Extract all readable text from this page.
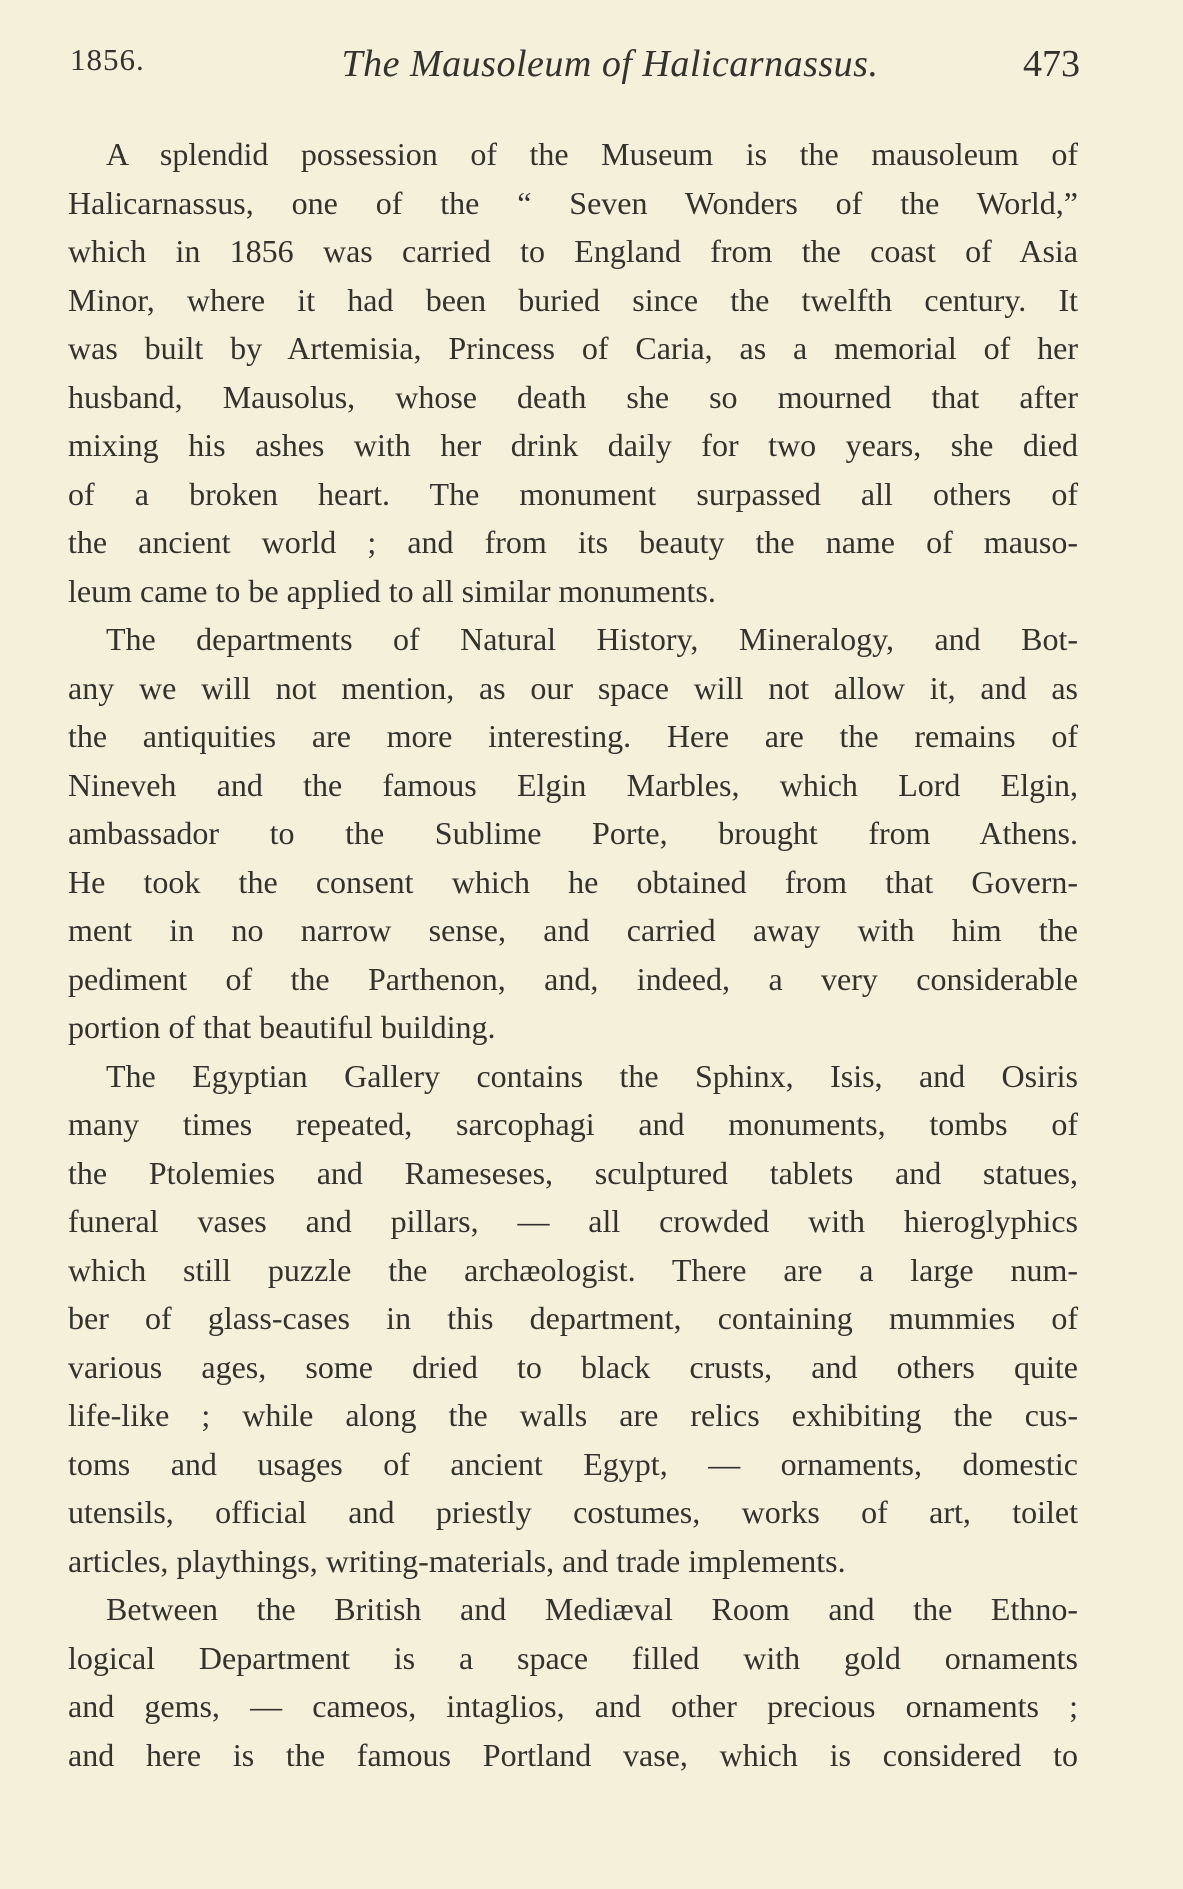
1856.	The Mausoleum of Halicarnassus.	473
A splendid possession of the Museum is the mausoleum of
Halicarnassus, one of the “ Seven Wonders of the World,”
which in 1856 was carried to England from the coast of Asia
Minor, where it had been buried since the twelfth century. It
was built by Artemisia, Princess of Caria, as a memorial of her
husband, Mausolus, whose death she so mourned that after
mixing his ashes with her drink daily for two years, she died
of a broken heart. The monument surpassed all others of
the ancient world ; and from its beauty the name of mauso-
leum came to be applied to all similar monuments.
The departments of Natural History, Mineralogy, and Bot-
any we will not mention, as our space will not allow it, and as
the antiquities are more interesting. Here are the remains of
Nineveh and the famous Elgin Marbles, which Lord Elgin,
ambassador to the Sublime Porte, brought from Athens.
He took the consent which he obtained from that Govern-
ment in no narrow sense, and carried away with him the
pediment of the Parthenon, and, indeed, a very considerable
portion of that beautiful building.
The Egyptian Gallery contains the Sphinx, Isis, and Osiris
many times repeated, sarcophagi and monuments, tombs of
the Ptolemies and Rameseses, sculptured tablets and statues,
funeral vases and pillars, — all crowded with hieroglyphics
which still puzzle the archæologist. There are a large num-
ber of glass-cases in this department, containing mummies of
various ages, some dried to black crusts, and others quite
life-like ; while along the walls are relics exhibiting the cus-
toms and usages of ancient Egypt, — ornaments, domestic
utensils, official and priestly costumes, works of art, toilet
articles, playthings, writing-materials, and trade implements.
Between the British and Mediæval Room and the Ethno-
logical Department is a space filled with gold ornaments
and gems, — cameos, intaglios, and other precious ornaments ;
and here is the famous Portland vase, which is considered to
